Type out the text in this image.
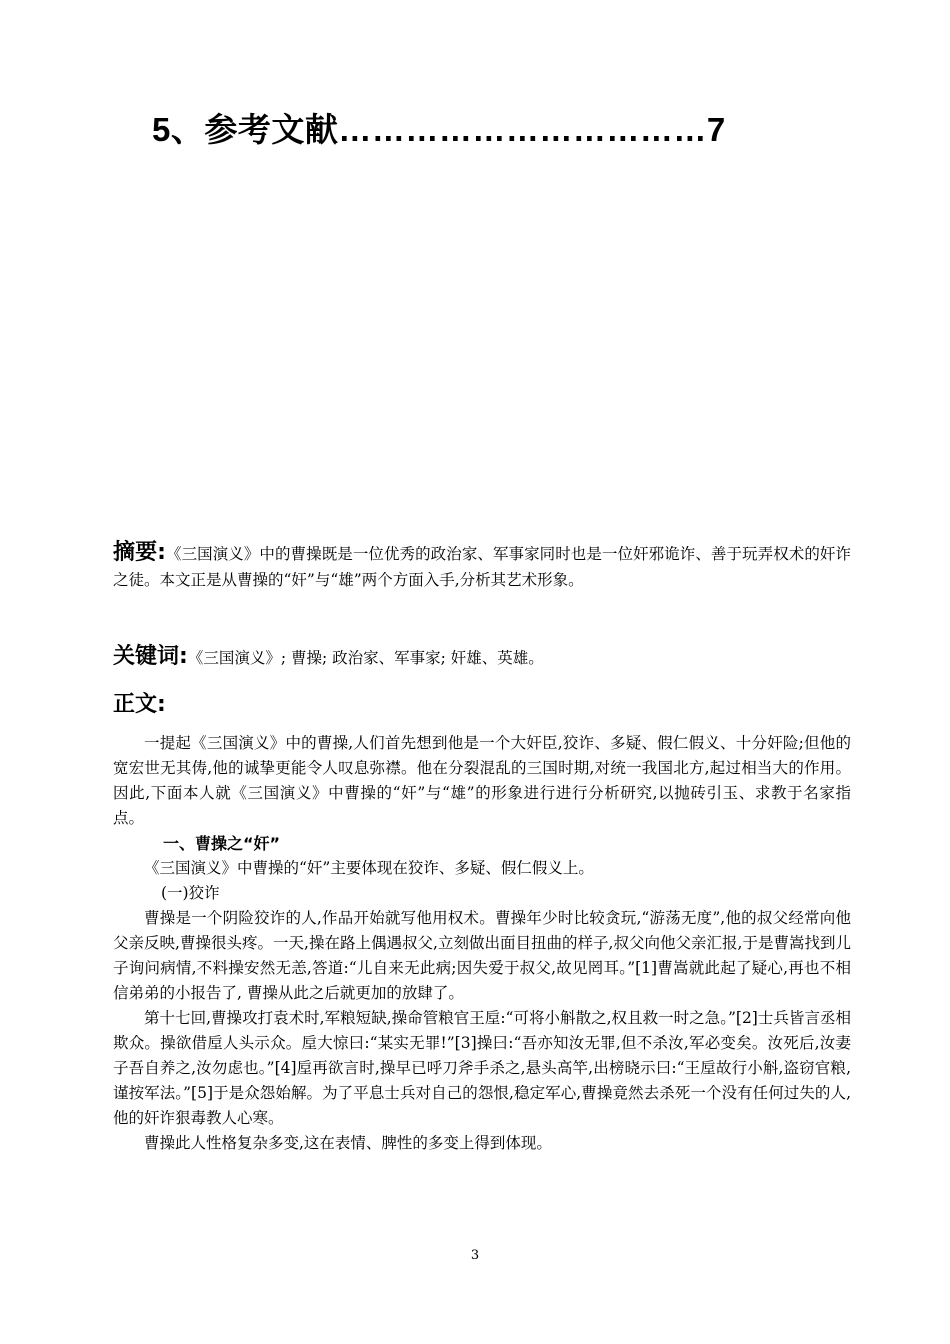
5、参考文献……………………………7
摘要:《三国演义》中的曹操既是一位优秀的政治家、军事家同时也是一位奸邪诡诈、善于玩弄权术的奸诈之徒。本文正是从曹操的“奸”与“雄”两个方面入手,分析其艺术形象。
关键词:《三国演义》; 曹操; 政治家、军事家; 奸雄、英雄。
正文:

一提起《三国演义》中的曹操,人们首先想到他是一个大奸臣,狡诈、多疑、假仁假义、十分奸险;但他的宽宏世无其俦,他的诚挚更能令人叹息弥襟。他在分裂混乱的三国时期,对统一我国北方,起过相当大的作用。因此,下面本人就《三国演义》中曹操的“奸”与“雄”的形象进行进行分析研究,以抛砖引玉、求教于名家指点。

一、曹操之“奸”

《三国演义》中曹操的“奸”主要体现在狡诈、多疑、假仁假义上。

(一)狡诈

曹操是一个阴险狡诈的人,作品开始就写他用权术。曹操年少时比较贪玩,“游荡无度”,他的叔父经常向他父亲反映,曹操很头疼。一天,操在路上偶遇叔父,立刻做出面目扭曲的样子,叔父向他父亲汇报,于是曹嵩找到儿子询问病情,不料操安然无恙,答道:“儿自来无此病;因失爱于叔父,故见罔耳。”[1]曹嵩就此起了疑心,再也不相信弟弟的小报告了, 曹操从此之后就更加的放肆了。

第十七回,曹操攻打袁术时,军粮短缺,操命管粮官王垕:“可将小斛散之,权且救一时之急。”[2]士兵皆言丞相欺众。操欲借垕人头示众。垕大惊曰:“某实无罪!”[3]操曰:“吾亦知汝无罪,但不杀汝,军必变矣。汝死后,汝妻子吾自养之,汝勿虑也。”[4]垕再欲言时,操早已呼刀斧手杀之,悬头高竿,出榜晓示曰:“王垕故行小斛,盗窃官粮,谨按军法。”[5]于是众怨始解。为了平息士兵对自己的怨恨,稳定军心,曹操竟然去杀死一个没有任何过失的人,他的奸诈狠毒教人心寒。

曹操此人性格复杂多变,这在表情、脾性的多变上得到体现。

3
